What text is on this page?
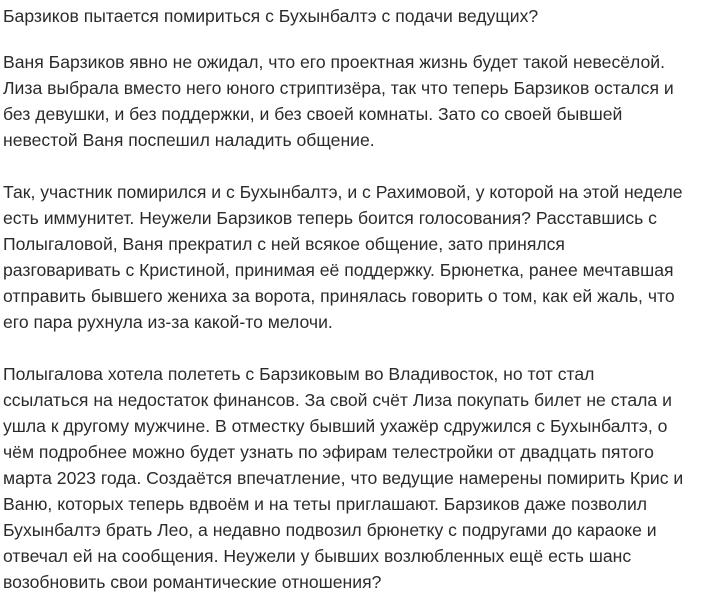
Барзиков пытается помириться с Бухынбалтэ с подачи ведущих?
Ваня Барзиков явно не ожидал, что его проектная жизнь будет такой невесёлой.
Лиза выбрала вместо него юного стриптизёра, так что теперь Барзиков остался и
без девушки, и без поддержки, и без своей комнаты. Зато со своей бывшей
невестой Ваня поспешил наладить общение.
Так, участник помирился и с Бухынбалтэ, и с Рахимовой, у которой на этой неделе
есть иммунитет. Неужели Барзиков теперь боится голосования? Расставшись с
Полыгаловой, Ваня прекратил с ней всякое общение, зато принялся
разговаривать с Кристиной, принимая её поддержку. Брюнетка, ранее мечтавшая
отправить бывшего жениха за ворота, принялась говорить о том, как ей жаль, что
его пара рухнула из-за какой-то мелочи.
Полыгалова хотела полететь с Барзиковым во Владивосток, но тот стал
ссылаться на недостаток финансов. За свой счёт Лиза покупать билет не стала и
ушла к другому мужчине. В отместку бывший ухажёр сдружился с Бухынбалтэ, о
чём подробнее можно будет узнать по эфирам телестройки от двадцать пятого
марта 2023 года. Создаётся впечатление, что ведущие намерены помирить Крис и
Ваню, которых теперь вдвоём и на теты приглашают. Барзиков даже позволил
Бухынбалтэ брать Лео, а недавно подвозил брюнетку с подругами до караоке и
отвечал ей на сообщения. Неужели у бывших возлюбленных ещё есть шанс
возобновить свои романтические отношения?
